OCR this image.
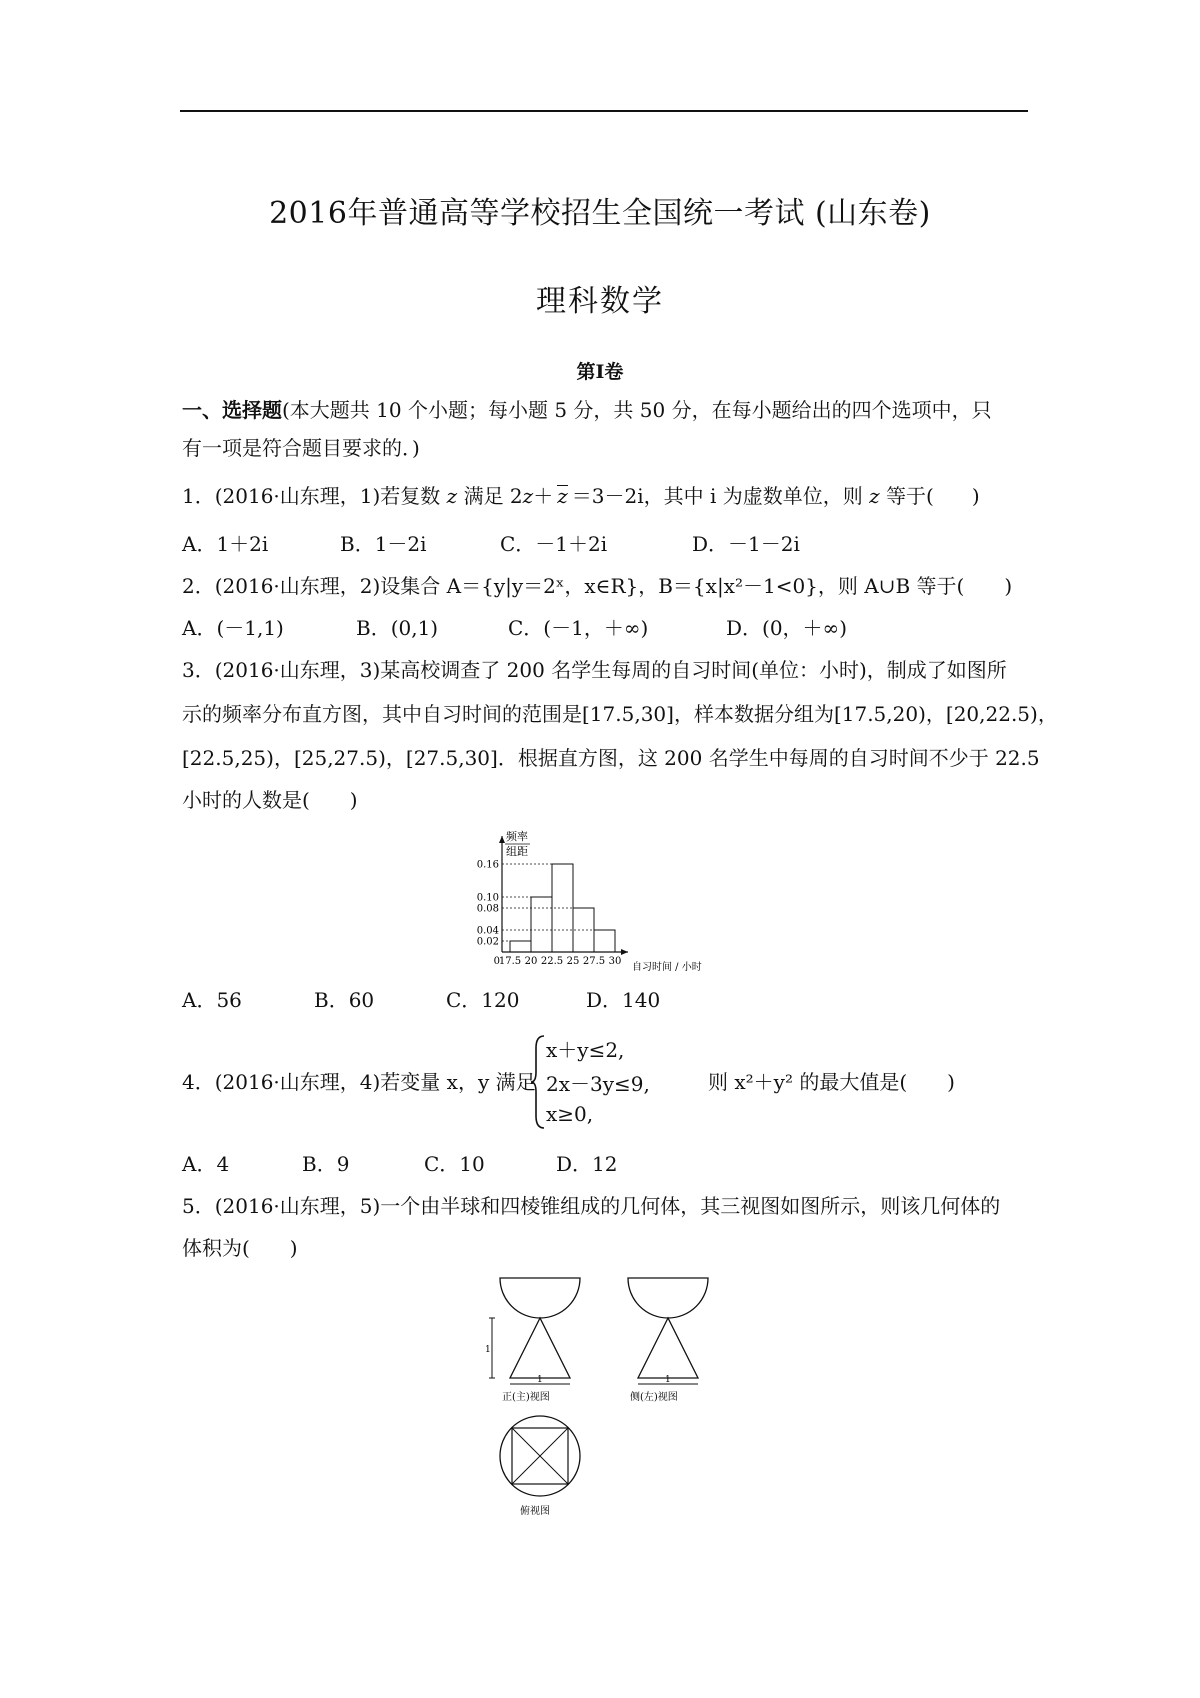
2016年普通高等学校招生全国统一考试 (山东卷)
理科数学
第Ⅰ卷
一、选择题(本大题共 10 个小题；每小题 5 分，共 50 分，在每小题给出的四个选项中，只
有一项是符合题目要求的．)
1．(2016·山东理，1)若复数 z 满足 2z＋ z ＝3－2i，其中 i 为虚数单位，则 z 等于( )
A．1＋2i	B．1－2i	C．－1＋2i	D．－1－2i
2．(2016·山东理，2)设集合 A＝{y|y＝2ˣ，x∈R}，B＝{x|x²－1<0}，则 A∪B 等于(　　)
A．(－1,1)	B．(0,1)	C．(－1，＋∞)	D．(0，＋∞)
3．(2016·山东理，3)某高校调查了 200 名学生每周的自习时间(单位：小时)，制成了如图所
示的频率分布直方图，其中自习时间的范围是[17.5,30]，样本数据分组为[17.5,20)，[20,22.5)，
[22.5,25)，[25,27.5)，[27.5,30]．根据直方图，这 200 名学生中每周的自习时间不少于 22.5
小时的人数是(　　)
频率
组距
0.02
0.04
0.08
0.10
0.16
0
17.5 20 22.5 25 27.5 30
自习时间 / 小时
A．56	B．60	C．120	D．140
4．(2016·山东理，4)若变量 x，y 满足
x＋y≤2,
2x－3y≤9,
x≥0,
则 x²＋y² 的最大值是(　　)
A．4	B．9	C．10	D．12
5．(2016·山东理，5)一个由半球和四棱锥组成的几何体，其三视图如图所示，则该几何体的
体积为(　　)
1
1
正(主)视图
1
侧(左)视图
俯视图
